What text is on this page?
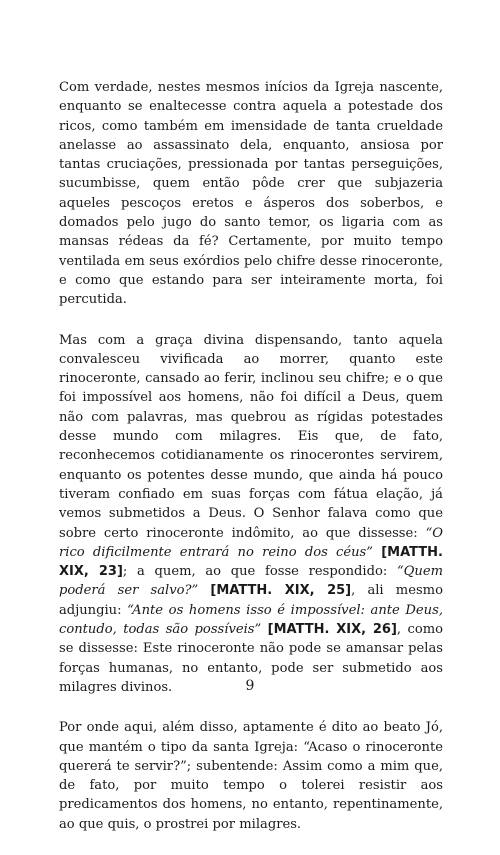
Com verdade, nestes mesmos inícios da Igreja nascente, enquanto se enaltecesse contra aquela a potestade dos ricos, como também em imensidade de tanta crueldade anelasse ao assassinato dela, enquanto, ansiosa por tantas cruciações, pressionada por tantas perseguições, sucumbisse, quem então pôde crer que subjazeria aqueles pescoços eretos e ásperos dos soberbos, e domados pelo jugo do santo temor, os ligaria com as mansas rédeas da fé? Certamente, por muito tempo ventilada em seus exórdios pelo chifre desse rinoceronte, e como que estando para ser inteiramente morta, foi percutida.

Mas com a graça divina dispensando, tanto aquela convalesceu vivificada ao morrer, quanto este rinoceronte, cansado ao ferir, inclinou seu chifre; e o que foi impossível aos homens, não foi difícil a Deus, quem não com palavras, mas quebrou as rígidas potestades desse mundo com milagres. Eis que, de fato, reconhecemos cotidianamente os rinocerontes servirem, enquanto os potentes desse mundo, que ainda há pouco tiveram confiado em suas forças com fátua elação, já vemos submetidos a Deus. O Senhor falava como que sobre certo rinoceronte indômito, ao que dissesse: “O rico dificilmente entrará no reino dos céus” [MATTH. XIX, 23]; a quem, ao que fosse respondido: “Quem poderá ser salvo?” [MATTH. XIX, 25], ali mesmo adjungiu: “Ante os homens isso é impossível: ante Deus, contudo, todas são possíveis” [MATTH. XIX, 26], como se dissesse: Este rinoceronte não pode se amansar pelas forças humanas, no entanto, pode ser submetido aos milagres divinos.

Por onde aqui, além disso, aptamente é dito ao beato Jó, que mantém o tipo da santa Igreja: “Acaso o rinoceronte quererá te servir?”; subentende: Assim como a mim que, de fato, por muito tempo o tolerei resistir aos predicamentos dos homens, no entanto, repentinamente, ao que quis, o prostrei por milagres.

9
